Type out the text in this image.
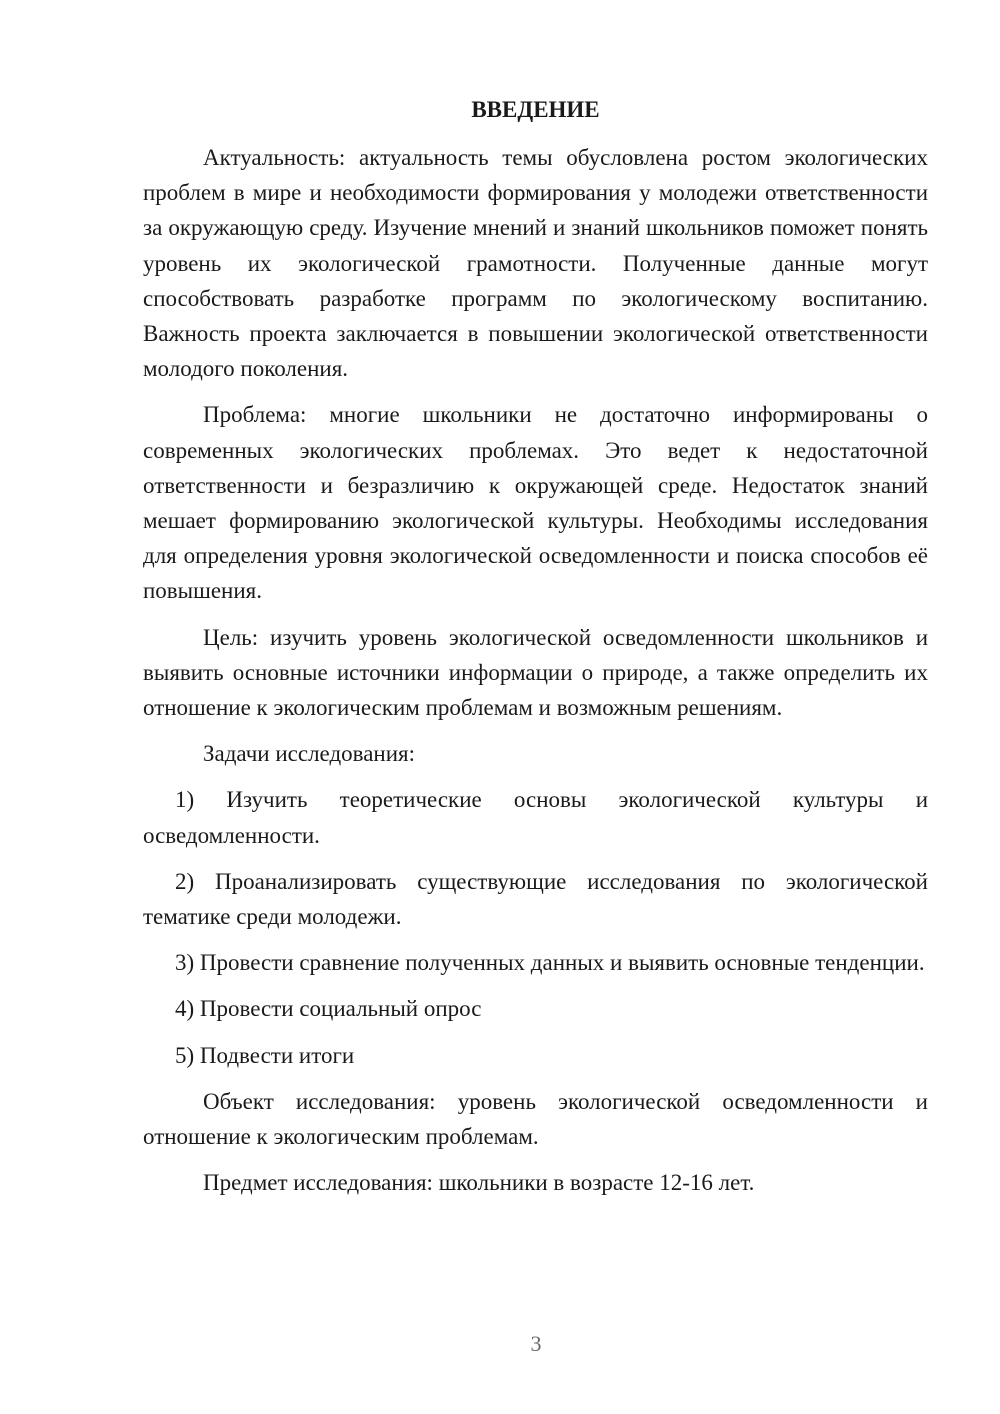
ВВЕДЕНИЕ

Актуальность: актуальность темы обусловлена ростом экологических проблем в мире и необходимости формирования у молодежи ответственности за окружающую среду. Изучение мнений и знаний школьников поможет понять уровень их экологической грамотности. Полученные данные могут способствовать разработке программ по экологическому воспитанию. Важность проекта заключается в повышении экологической ответственности молодого поколения.

Проблема: многие школьники не достаточно информированы о современных экологических проблемах. Это ведет к недостаточной ответственности и безразличию к окружающей среде. Недостаток знаний мешает формированию экологической культуры. Необходимы исследования для определения уровня экологической осведомленности и поиска способов её повышения.

Цель: изучить уровень экологической осведомленности школьников и выявить основные источники информации о природе, а также определить их отношение к экологическим проблемам и возможным решениям.

Задачи исследования:

1) Изучить теоретические основы экологической культуры и осведомленности.

2) Проанализировать существующие исследования по экологической тематике среди молодежи.

3) Провести сравнение полученных данных и выявить основные тенденции.

4) Провести социальный опрос

5) Подвести итоги

Объект исследования: уровень экологической осведомленности и отношение к экологическим проблемам.

Предмет исследования: школьники в возрасте 12-16 лет.

3
